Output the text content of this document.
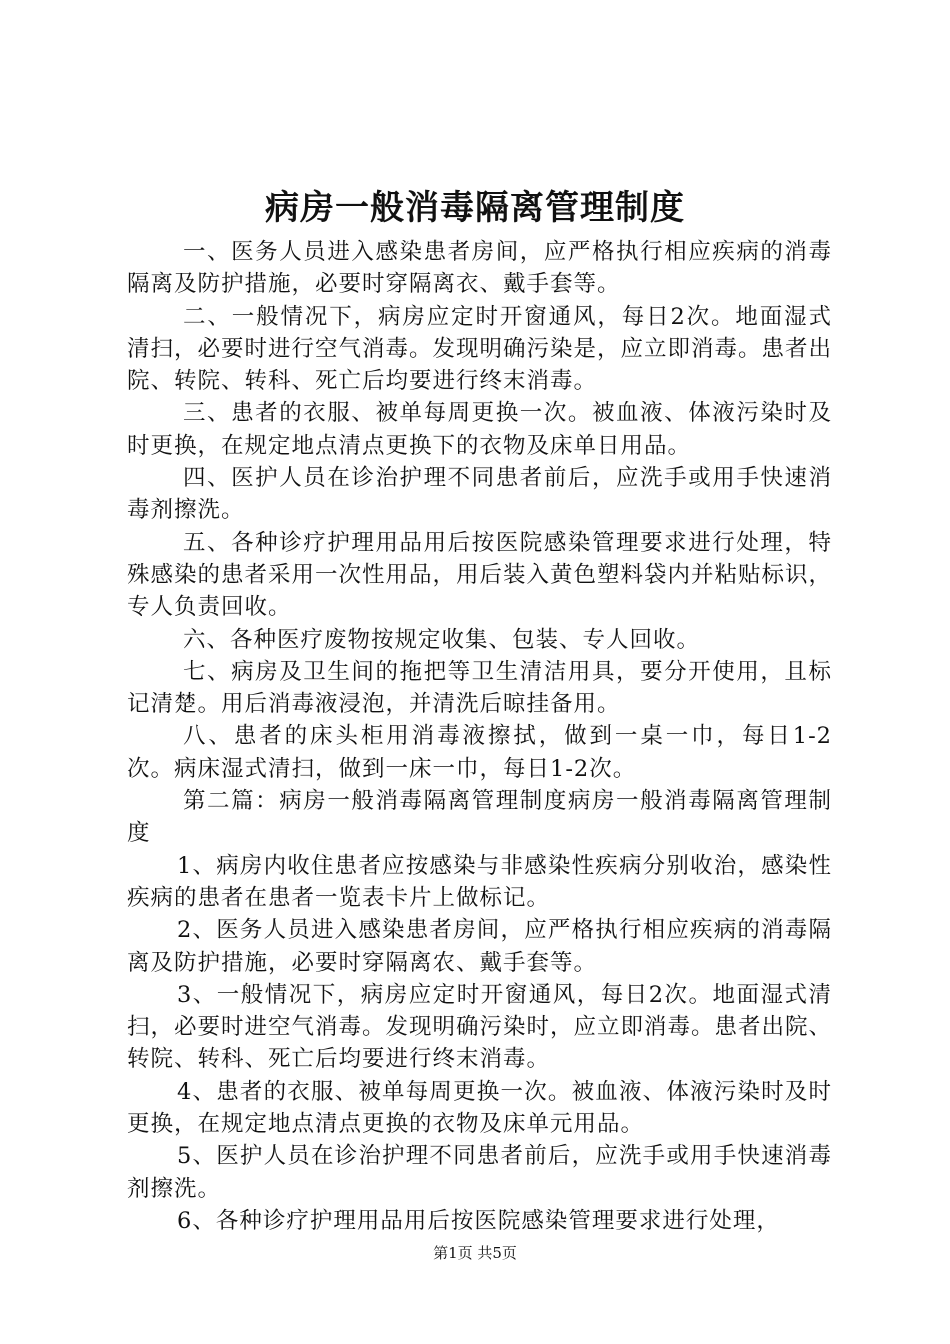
病房一般消毒隔离管理制度

一、医务人员进入感染患者房间，应严格执行相应疾病的消毒隔离及防护措施，必要时穿隔离衣、戴手套等。

二、一般情况下，病房应定时开窗通风，每日2次。地面湿式清扫，必要时进行空气消毒。发现明确污染是，应立即消毒。患者出院、转院、转科、死亡后均要进行终末消毒。

三、患者的衣服、被单每周更换一次。被血液、体液污染时及时更换，在规定地点清点更换下的衣物及床单日用品。

四、医护人员在诊治护理不同患者前后，应洗手或用手快速消毒剂擦洗。

五、各种诊疗护理用品用后按医院感染管理要求进行处理，特殊感染的患者采用一次性用品，用后装入黄色塑料袋内并粘贴标识，专人负责回收。

六、各种医疗废物按规定收集、包装、专人回收。

七、病房及卫生间的拖把等卫生清洁用具，要分开使用，且标记清楚。用后消毒液浸泡，并清洗后晾挂备用。

八、患者的床头柜用消毒液擦拭，做到一桌一巾，每日1-2次。病床湿式清扫，做到一床一巾，每日1-2次。

第二篇：病房一般消毒隔离管理制度病房一般消毒隔离管理制度

1、病房内收住患者应按感染与非感染性疾病分别收治，感染性疾病的患者在患者一览表卡片上做标记。

2、医务人员进入感染患者房间，应严格执行相应疾病的消毒隔离及防护措施，必要时穿隔离农、戴手套等。

3、一般情况下，病房应定时开窗通风，每日2次。地面湿式清扫，必要时进空气消毒。发现明确污染时，应立即消毒。患者出院、转院、转科、死亡后均要进行终末消毒。

4、患者的衣服、被单每周更换一次。被血液、体液污染时及时更换，在规定地点清点更换的衣物及床单元用品。

5、医护人员在诊治护理不同患者前后，应洗手或用手快速消毒剂擦洗。

6、各种诊疗护理用品用后按医院感染管理要求进行处理，

第1页 共5页
